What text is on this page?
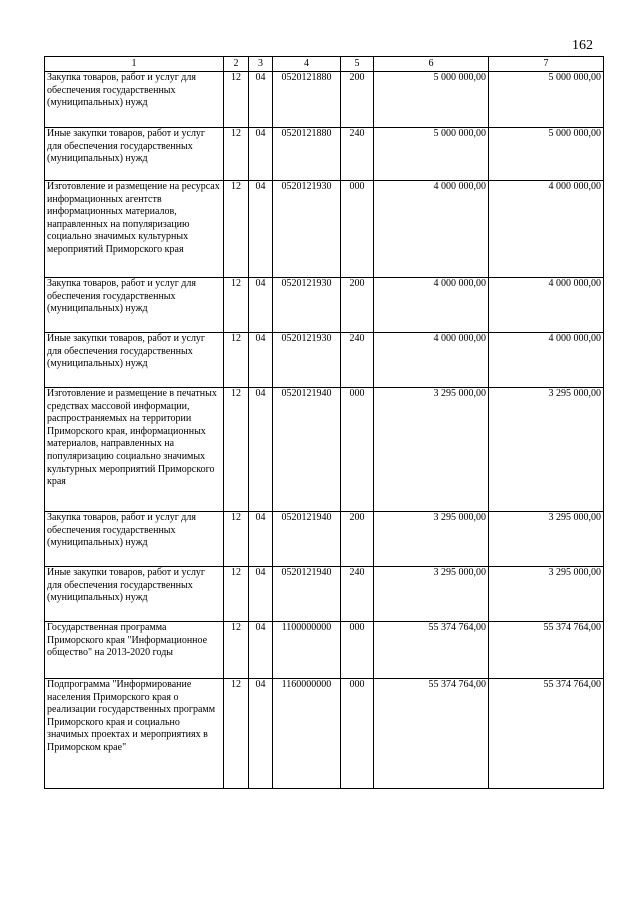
162
1	2	3	4	5	6	7
Закупка товаров, работ и услуг для обеспечения государственных (муниципальных) нужд	12	04	0520121880	200	5 000 000,00	5 000 000,00
Иные закупки товаров, работ и услуг для обеспечения государственных (муниципальных) нужд	12	04	0520121880	240	5 000 000,00	5 000 000,00
Изготовление и размещение на ресурсах информационных агентств информационных материалов, направленных на популяризацию социально значимых культурных мероприятий Приморского края	12	04	0520121930	000	4 000 000,00	4 000 000,00
Закупка товаров, работ и услуг для обеспечения государственных (муниципальных) нужд	12	04	0520121930	200	4 000 000,00	4 000 000,00
Иные закупки товаров, работ и услуг для обеспечения государственных (муниципальных) нужд	12	04	0520121930	240	4 000 000,00	4 000 000,00
Изготовление и размещение в печатных средствах массовой информации, распространяемых на территории Приморского края, информационных материалов, направленных на популяризацию социально значимых культурных мероприятий Приморского края	12	04	0520121940	000	3 295 000,00	3 295 000,00
Закупка товаров, работ и услуг для обеспечения государственных (муниципальных) нужд	12	04	0520121940	200	3 295 000,00	3 295 000,00
Иные закупки товаров, работ и услуг для обеспечения государственных (муниципальных) нужд	12	04	0520121940	240	3 295 000,00	3 295 000,00
Государственная программа Приморского края "Информационное общество" на 2013-2020 годы	12	04	1100000000	000	55 374 764,00	55 374 764,00
Подпрограмма "Информирование населения Приморского края о реализации государственных программ Приморского края и социально значимых проектах и мероприятиях в Приморском крае"	12	04	1160000000	000	55 374 764,00	55 374 764,00
